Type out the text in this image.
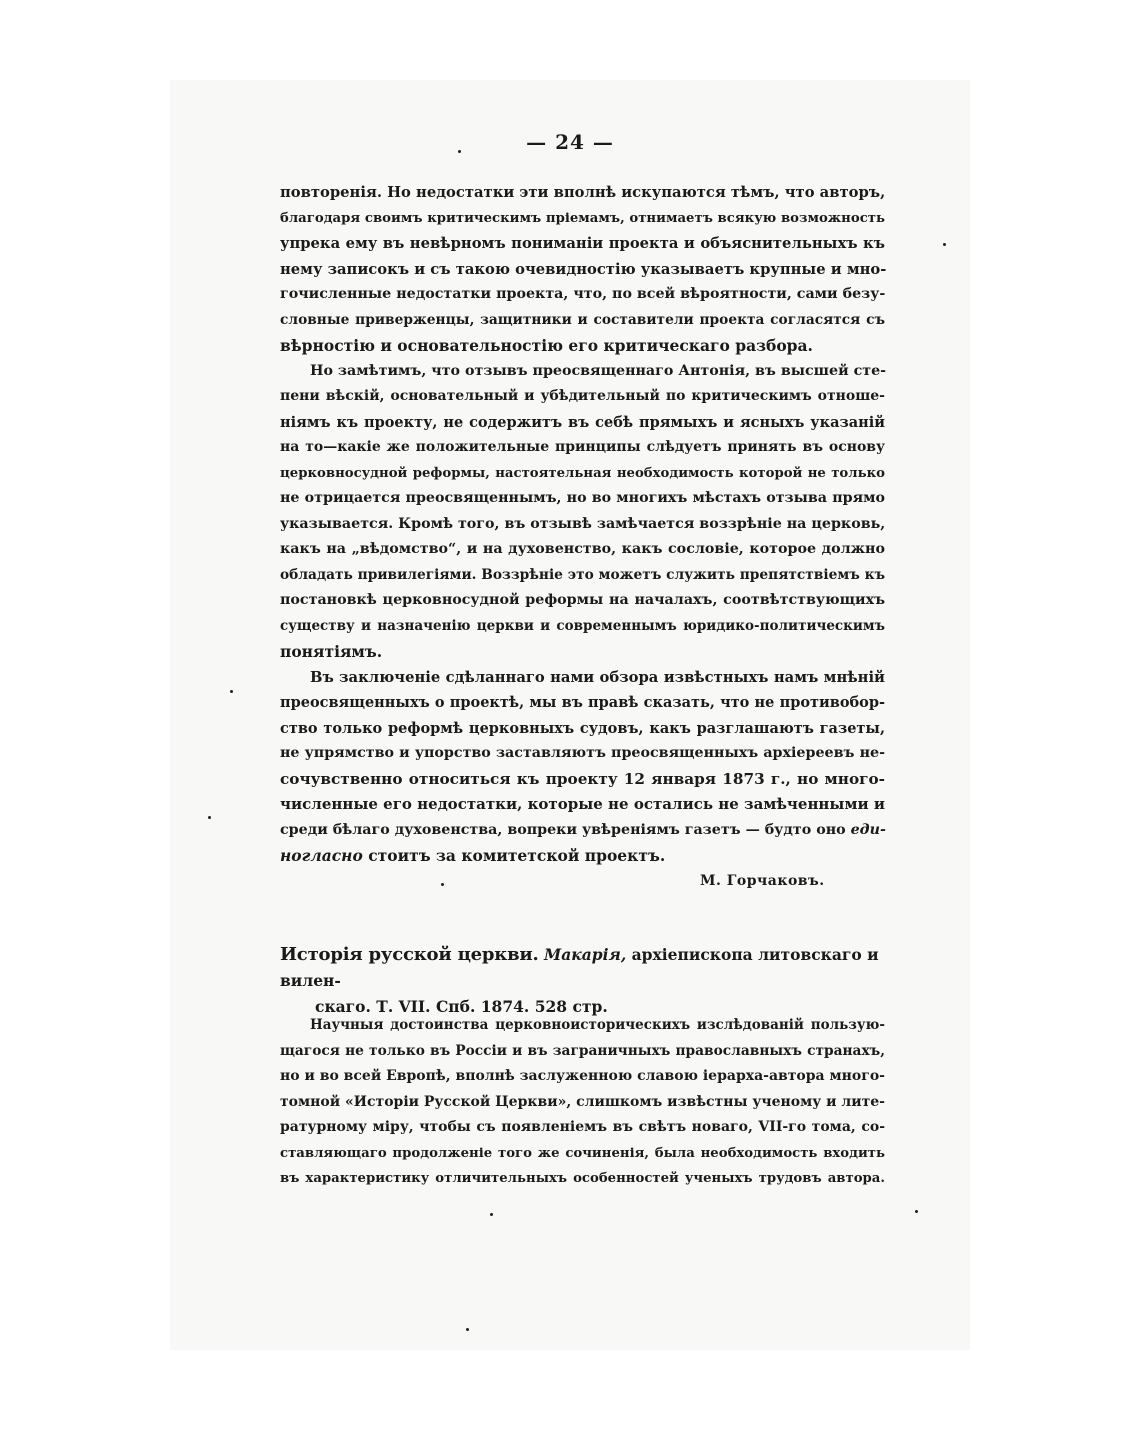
— 24 —
повторенія. Но недостатки эти вполнѣ искупаются тѣмъ, что авторъ,
благодаря своимъ критическимъ пріемамъ, отнимаетъ всякую возможность
упрека ему въ невѣрномъ пониманіи проекта и объяснительныхъ къ
нему записокъ и съ такою очевидностію указываетъ крупные и мно-
гочисленные недостатки проекта, что, по всей вѣроятности, сами безу-
словные приверженцы, защитники и составители проекта согласятся съ
вѣрностію и основательностію его критическаго разбора.
Но замѣтимъ, что отзывъ преосвященнаго Антонія, въ высшей сте-
пени вѣскій, основательный и убѣдительный по критическимъ отноше-
ніямъ къ проекту, не содержитъ въ себѣ прямыхъ и ясныхъ указаній
на то—какіе же положительные принципы слѣдуетъ принять въ основу
церковносудной реформы, настоятельная необходимость которой не только
не отрицается преосвященнымъ, но во многихъ мѣстахъ отзыва прямо
указывается. Кромѣ того, въ отзывѣ замѣчается воззрѣніе на церковь,
какъ на „вѣдомство“, и на духовенство, какъ сословіе, которое должно
обладать привилегіями. Воззрѣніе это можетъ служить препятствіемъ къ
постановкѣ церковносудной реформы на началахъ, соотвѣтствующихъ
существу и назначенію церкви и современнымъ юридико-политическимъ
понятіямъ.
Въ заключеніе сдѣланнаго нами обзора извѣстныхъ намъ мнѣній
преосвященныхъ о проектѣ, мы въ правѣ сказать, что не противобор-
ство только реформѣ церковныхъ судовъ, какъ разглашаютъ газеты,
не упрямство и упорство заставляютъ преосвященныхъ архіереевъ не-
сочувственно относиться къ проекту 12 января 1873 г., но много-
численные его недостатки, которые не остались не замѣченными и
среди бѣлаго духовенства, вопреки увѣреніямъ газетъ — будто оно еди-
ногласно стоитъ за комитетской проектъ.
М. Горчаковъ.
Исторія русской церкви. Макарія, архіепископа литовскаго и вилен-
скаго. Т. VII. Спб. 1874. 528 стр.
Научныя достоинства церковноисторическихъ изслѣдованій пользую-
щагося не только въ Россіи и въ заграничныхъ православныхъ странахъ,
но и во всей Европѣ, вполнѣ заслуженною славою іерарха-автора много-
томной «Исторіи Русской Церкви», слишкомъ извѣстны ученому и лите-
ратурному міру, чтобы съ появленіемъ въ свѣтъ новаго, VII-го тома, со-
ставляющаго продолженіе того же сочиненія, была необходимость входить
въ характеристику отличительныхъ особенностей ученыхъ трудовъ автора.
